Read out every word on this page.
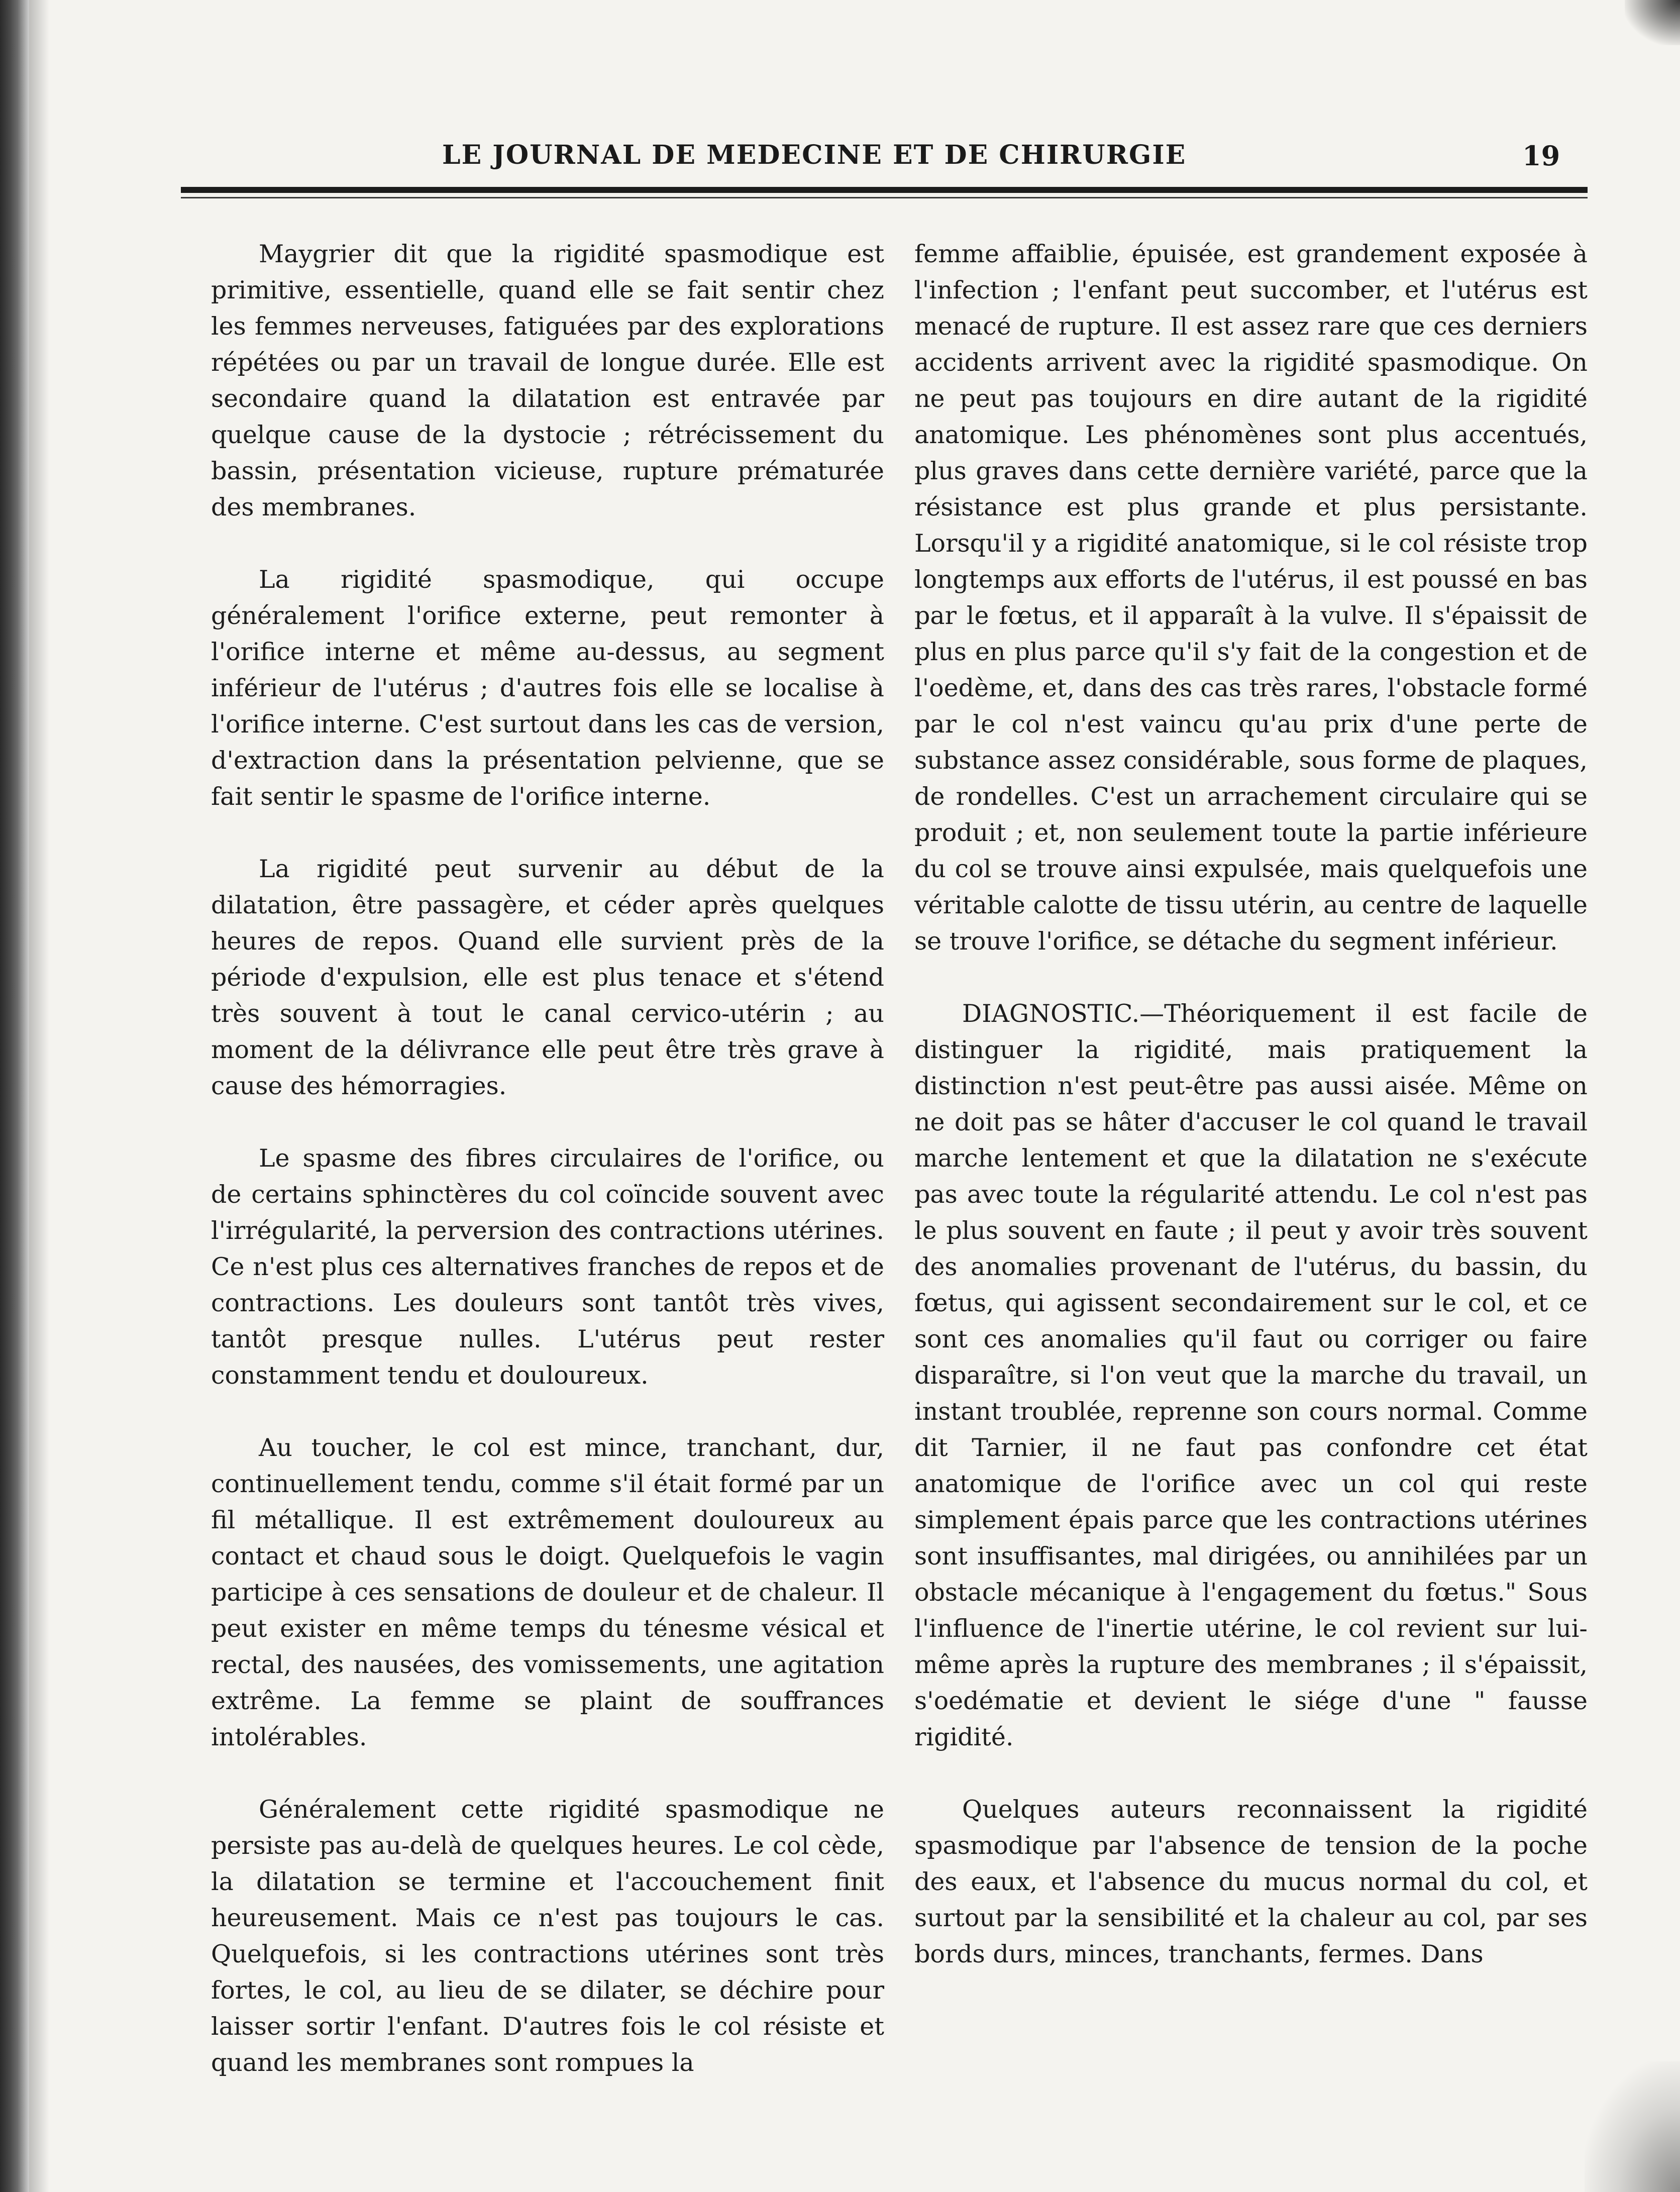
LE JOURNAL DE MEDECINE ET DE CHIRURGIE	19

Maygrier dit que la rigidité spasmodique est primitive, essentielle, quand elle se fait sentir chez les femmes nerveuses, fatiguées par des explorations répétées ou par un travail de longue durée. Elle est secondaire quand la dilatation est entravée par quelque cause de la dystocie ; rétrécissement du bassin, présentation vicieuse, rupture prématurée des membranes.

La rigidité spasmodique, qui occupe généralement l'orifice externe, peut remonter à l'orifice interne et même au-dessus, au segment inférieur de l'utérus ; d'autres fois elle se localise à l'orifice interne. C'est surtout dans les cas de version, d'extraction dans la présentation pelvienne, que se fait sentir le spasme de l'orifice interne.

La rigidité peut survenir au début de la dilatation, être passagère, et céder après quelques heures de repos. Quand elle survient près de la période d'expulsion, elle est plus tenace et s'étend très souvent à tout le canal cervico-utérin ; au moment de la délivrance elle peut être très grave à cause des hémorragies.

Le spasme des fibres circulaires de l'orifice, ou de certains sphinctères du col coïncide souvent avec l'irrégularité, la perversion des contractions utérines. Ce n'est plus ces alternatives franches de repos et de contractions. Les douleurs sont tantôt très vives, tantôt presque nulles. L'utérus peut rester constamment tendu et douloureux.

Au toucher, le col est mince, tranchant, dur, continuellement tendu, comme s'il était formé par un fil métallique. Il est extrêmement douloureux au contact et chaud sous le doigt. Quelquefois le vagin participe à ces sensations de douleur et de chaleur. Il peut exister en même temps du ténesme vésical et rectal, des nausées, des vomissements, une agitation extrême. La femme se plaint de souffrances intolérables.

Généralement cette rigidité spasmodique ne persiste pas au-delà de quelques heures. Le col cède, la dilatation se termine et l'accouchement finit heureusement. Mais ce n'est pas toujours le cas. Quelquefois, si les contractions utérines sont très fortes, le col, au lieu de se dilater, se déchire pour laisser sortir l'enfant. D'autres fois le col résiste et quand les membranes sont rompues la

femme affaiblie, épuisée, est grandement exposée à l'infection ; l'enfant peut succomber, et l'utérus est menacé de rupture. Il est assez rare que ces derniers accidents arrivent avec la rigidité spasmodique. On ne peut pas toujours en dire autant de la rigidité anatomique. Les phénomènes sont plus accentués, plus graves dans cette dernière variété, parce que la résistance est plus grande et plus persistante. Lorsqu'il y a rigidité anatomique, si le col résiste trop longtemps aux efforts de l'utérus, il est poussé en bas par le fœtus, et il apparaît à la vulve. Il s'épaissit de plus en plus parce qu'il s'y fait de la congestion et de l'oedème, et, dans des cas très rares, l'obstacle formé par le col n'est vaincu qu'au prix d'une perte de substance assez considérable, sous forme de plaques, de rondelles. C'est un arrachement circulaire qui se produit ; et, non seulement toute la partie inférieure du col se trouve ainsi expulsée, mais quelquefois une véritable calotte de tissu utérin, au centre de laquelle se trouve l'orifice, se détache du segment inférieur.

DIAGNOSTIC.—Théoriquement il est facile de distinguer la rigidité, mais pratiquement la distinction n'est peut-être pas aussi aisée. Même on ne doit pas se hâter d'accuser le col quand le travail marche lentement et que la dilatation ne s'exécute pas avec toute la régularité attendu. Le col n'est pas le plus souvent en faute ; il peut y avoir très souvent des anomalies provenant de l'utérus, du bassin, du fœtus, qui agissent secondairement sur le col, et ce sont ces anomalies qu'il faut ou corriger ou faire disparaître, si l'on veut que la marche du travail, un instant troublée, reprenne son cours normal. Comme dit Tarnier, il ne faut pas confondre cet état anatomique de l'orifice avec un col qui reste simplement épais parce que les contractions utérines sont insuffisantes, mal dirigées, ou annihilées par un obstacle mécanique à l'engagement du fœtus." Sous l'influence de l'inertie utérine, le col revient sur lui-même après la rupture des membranes ; il s'épaissit, s'oedématie et devient le siége d'une " fausse rigidité.

Quelques auteurs reconnaissent la rigidité spasmodique par l'absence de tension de la poche des eaux, et l'absence du mucus normal du col, et surtout par la sensibilité et la chaleur au col, par ses bords durs, minces, tranchants, fermes. Dans
